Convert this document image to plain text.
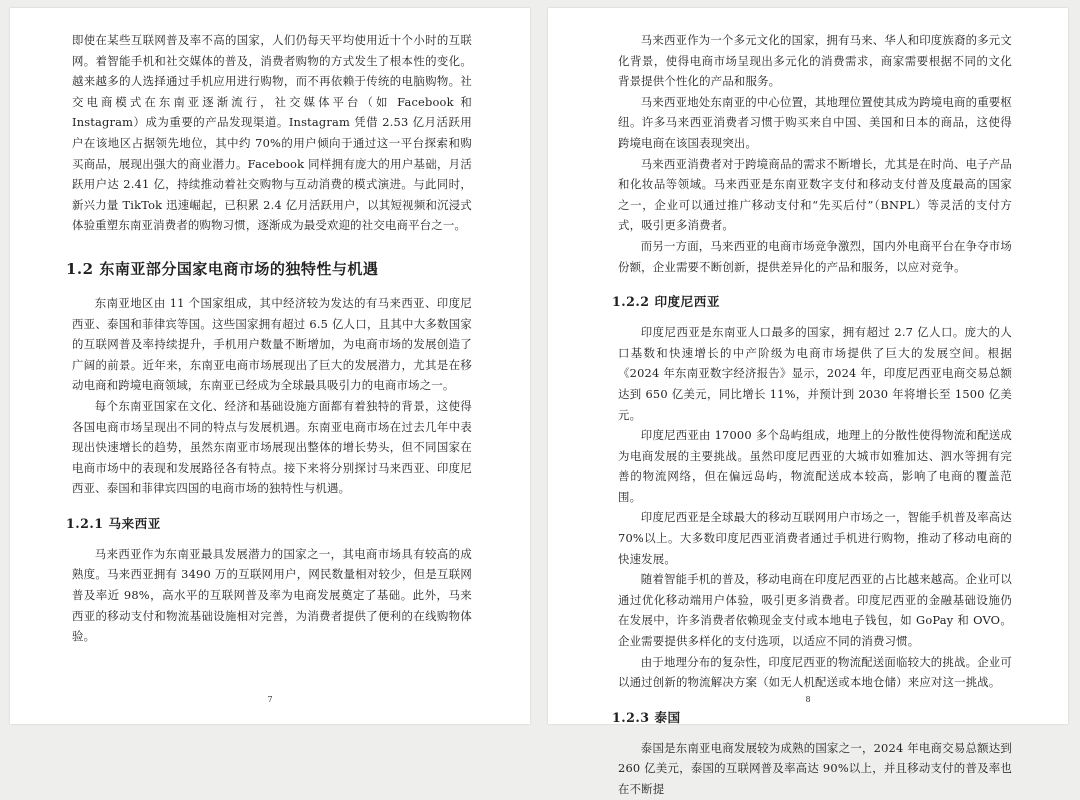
即使在某些互联网普及率不高的国家，人们仍每天平均使用近十个小时的互联网。着智能手机和社交媒体的普及，消费者购物的方式发生了根本性的变化。越来越多的人选择通过手机应用进行购物，而不再依赖于传统的电脑购物。社交电商模式在东南亚逐渐流行，社交媒体平台（如 Facebook 和 Instagram）成为重要的产品发现渠道。Instagram 凭借 2.53 亿月活跃用户在该地区占据领先地位，其中约 70%的用户倾向于通过这一平台探索和购买商品，展现出强大的商业潜力。Facebook 同样拥有庞大的用户基础，月活跃用户达 2.41 亿，持续推动着社交购物与互动消费的模式演进。与此同时，新兴力量 TikTok 迅速崛起，已积累 2.4 亿月活跃用户，以其短视频和沉浸式体验重塑东南亚消费者的购物习惯，逐渐成为最受欢迎的社交电商平台之一。

1.2 东南亚部分国家电商市场的独特性与机遇

东南亚地区由 11 个国家组成，其中经济较为发达的有马来西亚、印度尼西亚、泰国和菲律宾等国。这些国家拥有超过 6.5 亿人口，且其中大多数国家的互联网普及率持续提升，手机用户数量不断增加，为电商市场的发展创造了广阔的前景。近年来，东南亚电商市场展现出了巨大的发展潜力，尤其是在移动电商和跨境电商领域，东南亚已经成为全球最具吸引力的电商市场之一。

每个东南亚国家在文化、经济和基础设施方面都有着独特的背景，这使得各国电商市场呈现出不同的特点与发展机遇。东南亚电商市场在过去几年中表现出快速增长的趋势，虽然东南亚市场展现出整体的增长势头，但不同国家在电商市场中的表现和发展路径各有特点。接下来将分别探讨马来西亚、印度尼西亚、泰国和菲律宾四国的电商市场的独特性与机遇。

1.2.1 马来西亚

马来西亚作为东南亚最具发展潜力的国家之一，其电商市场具有较高的成熟度。马来西亚拥有 3490 万的互联网用户，网民数量相对较少，但是互联网普及率近 98%，高水平的互联网普及率为电商发展奠定了基础。此外，马来西亚的移动支付和物流基础设施相对完善，为消费者提供了便利的在线购物体验。

7

马来西亚作为一个多元文化的国家，拥有马来、华人和印度族裔的多元文化背景，使得电商市场呈现出多元化的消费需求，商家需要根据不同的文化背景提供个性化的产品和服务。

马来西亚地处东南亚的中心位置，其地理位置使其成为跨境电商的重要枢纽。许多马来西亚消费者习惯于购买来自中国、美国和日本的商品，这使得跨境电商在该国表现突出。

马来西亚消费者对于跨境商品的需求不断增长，尤其是在时尚、电子产品和化妆品等领域。马来西亚是东南亚数字支付和移动支付普及度最高的国家之一，企业可以通过推广移动支付和“先买后付”（BNPL）等灵活的支付方式，吸引更多消费者。

而另一方面，马来西亚的电商市场竞争激烈，国内外电商平台在争夺市场份额，企业需要不断创新，提供差异化的产品和服务，以应对竞争。

1.2.2 印度尼西亚

印度尼西亚是东南亚人口最多的国家，拥有超过 2.7 亿人口。庞大的人口基数和快速增长的中产阶级为电商市场提供了巨大的发展空间。根据《2024 年东南亚数字经济报告》显示，2024 年，印度尼西亚电商交易总额达到 650 亿美元，同比增长 11%，并预计到 2030 年将增长至 1500 亿美元。

印度尼西亚由 17000 多个岛屿组成，地理上的分散性使得物流和配送成为电商发展的主要挑战。虽然印度尼西亚的大城市如雅加达、泗水等拥有完善的物流网络，但在偏远岛屿，物流配送成本较高，影响了电商的覆盖范围。

印度尼西亚是全球最大的移动互联网用户市场之一，智能手机普及率高达 70%以上。大多数印度尼西亚消费者通过手机进行购物，推动了移动电商的快速发展。

随着智能手机的普及，移动电商在印度尼西亚的占比越来越高。企业可以通过优化移动端用户体验，吸引更多消费者。印度尼西亚的金融基础设施仍在发展中，许多消费者依赖现金支付或本地电子钱包，如 GoPay 和 OVO。企业需要提供多样化的支付选项，以适应不同的消费习惯。

由于地理分布的复杂性，印度尼西亚的物流配送面临较大的挑战。企业可以通过创新的物流解决方案（如无人机配送或本地仓储）来应对这一挑战。

1.2.3 泰国

泰国是东南亚电商发展较为成熟的国家之一，2024 年电商交易总额达到 260 亿美元，泰国的互联网普及率高达 90%以上，并且移动支付的普及率也在不断提

8
